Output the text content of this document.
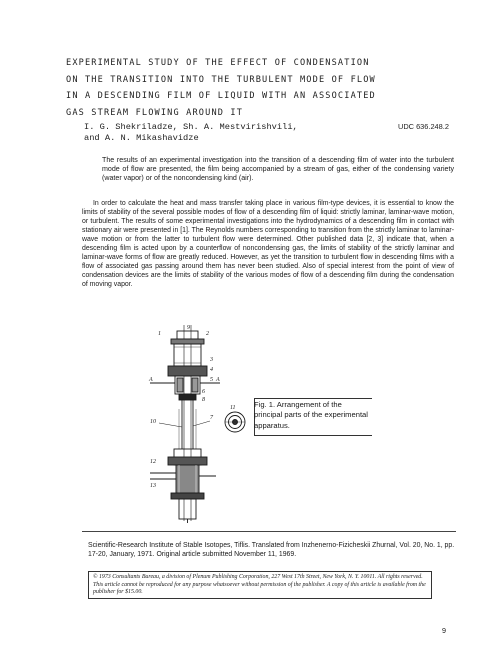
EXPERIMENTAL STUDY OF THE EFFECT OF CONDENSATION
ON THE TRANSITION INTO THE TURBULENT MODE OF FLOW
IN A DESCENDING FILM OF LIQUID WITH AN ASSOCIATED
GAS STREAM FLOWING AROUND IT
I. G. Shekriladze, Sh. A. Mestvirishvili,
and A. N. Mikashavidze
UDC 636.248.2
The results of an experimental investigation into the transition of a descending film of water into the turbulent mode of flow are presented, the film being accompanied by a stream of gas, either of the condensing variety (water vapor) or of the noncondensing kind (air).
In order to calculate the heat and mass transfer taking place in various film-type devices, it is essential to know the limits of stability of the several possible modes of flow of a descending film of liquid: strictly laminar, laminar-wave motion, or turbulent. The results of some experimental investigations into the hydrodynamics of a descending film in contact with stationary air were presented in [1]. The Reynolds numbers corresponding to transition from the strictly laminar to laminar-wave motion or from the latter to turbulent flow were determined. Other published data [2, 3] indicate that, when a descending film is acted upon by a counterflow of noncondensing gas, the limits of stability of the strictly laminar and laminar-wave forms of flow are greatly reduced. However, as yet the transition to turbulent flow in descending films with a flow of associated gas passing around them has never been studied. Also of special interest from the point of view of condensation devices are the limits of stability of the various modes of flow of a descending film during the condensation of moving vapor.
9
1	2
3
4
5
6
7
8
10
11
12
13
A	A
Fig. 1. Arrangement of the principal parts of the experimental apparatus.
Scientific-Research Institute of Stable Isotopes, Tiflis. Translated from Inzhenerno-Fizicheskii Zhurnal, Vol. 20, No. 1, pp. 17-20, January, 1971. Original article submitted November 11, 1969.
© 1973 Consultants Bureau, a division of Plenum Publishing Corporation, 227 West 17th Street, New York, N. Y. 10011. All rights reserved. This article cannot be reproduced for any purpose whatsoever without permission of the publisher. A copy of this article is available from the publisher for $15.00.
9
